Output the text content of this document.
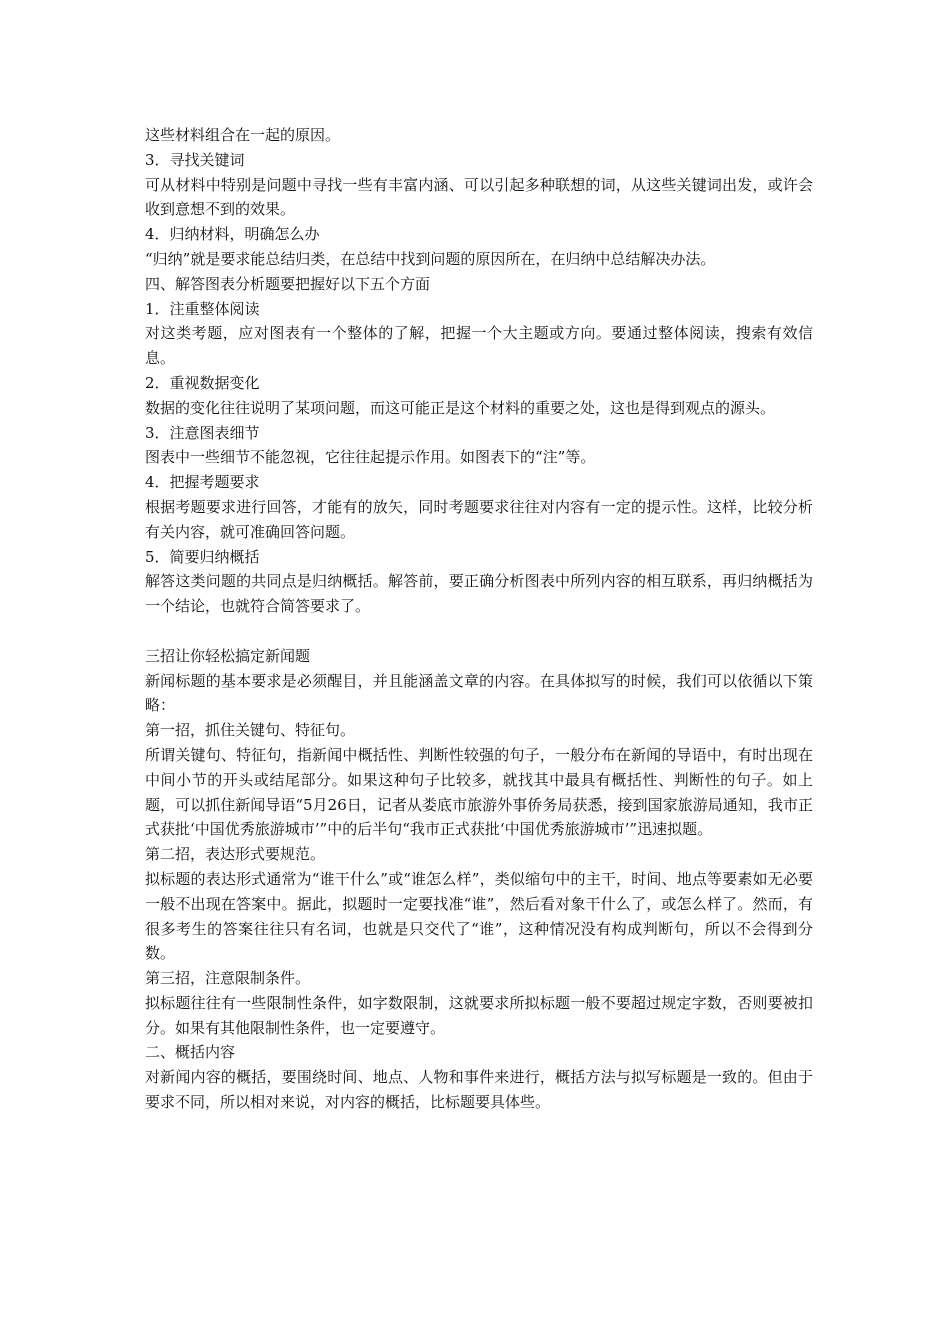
这些材料组合在一起的原因。

3．寻找关键词

可从材料中特别是问题中寻找一些有丰富内涵、可以引起多种联想的词，从这些关键词出发，或许会收到意想不到的效果。

4．归纳材料，明确怎么办

“归纳”就是要求能总结归类，在总结中找到问题的原因所在，在归纳中总结解决办法。

四、解答图表分析题要把握好以下五个方面

1．注重整体阅读

对这类考题，应对图表有一个整体的了解，把握一个大主题或方向。要通过整体阅读，搜索有效信息。

2．重视数据变化

数据的变化往往说明了某项问题，而这可能正是这个材料的重要之处，这也是得到观点的源头。

3．注意图表细节

图表中一些细节不能忽视，它往往起提示作用。如图表下的“注”等。

4．把握考题要求

根据考题要求进行回答，才能有的放矢，同时考题要求往往对内容有一定的提示性。这样，比较分析有关内容，就可准确回答问题。

5．简要归纳概括

解答这类问题的共同点是归纳概括。解答前，要正确分析图表中所列内容的相互联系，再归纳概括为一个结论，也就符合简答要求了。

三招让你轻松搞定新闻题

新闻标题的基本要求是必须醒目，并且能涵盖文章的内容。在具体拟写的时候，我们可以依循以下策略：

第一招，抓住关键句、特征句。

所谓关键句、特征句，指新闻中概括性、判断性较强的句子，一般分布在新闻的导语中，有时出现在中间小节的开头或结尾部分。如果这种句子比较多，就找其中最具有概括性、判断性的句子。如上题，可以抓住新闻导语“5月26日，记者从娄底市旅游外事侨务局获悉，接到国家旅游局通知，我市正式获批‘中国优秀旅游城市’”中的后半句“我市正式获批‘中国优秀旅游城市’”迅速拟题。

第二招，表达形式要规范。

拟标题的表达形式通常为“谁干什么”或“谁怎么样”，类似缩句中的主干，时间、地点等要素如无必要一般不出现在答案中。据此，拟题时一定要找准“谁”，然后看对象干什么了，或怎么样了。然而，有很多考生的答案往往只有名词，也就是只交代了“谁”，这种情况没有构成判断句，所以不会得到分数。

第三招，注意限制条件。

拟标题往往有一些限制性条件，如字数限制，这就要求所拟标题一般不要超过规定字数，否则要被扣分。如果有其他限制性条件，也一定要遵守。

二、概括内容

对新闻内容的概括，要围绕时间、地点、人物和事件来进行，概括方法与拟写标题是一致的。但由于要求不同，所以相对来说，对内容的概括，比标题要具体些。
